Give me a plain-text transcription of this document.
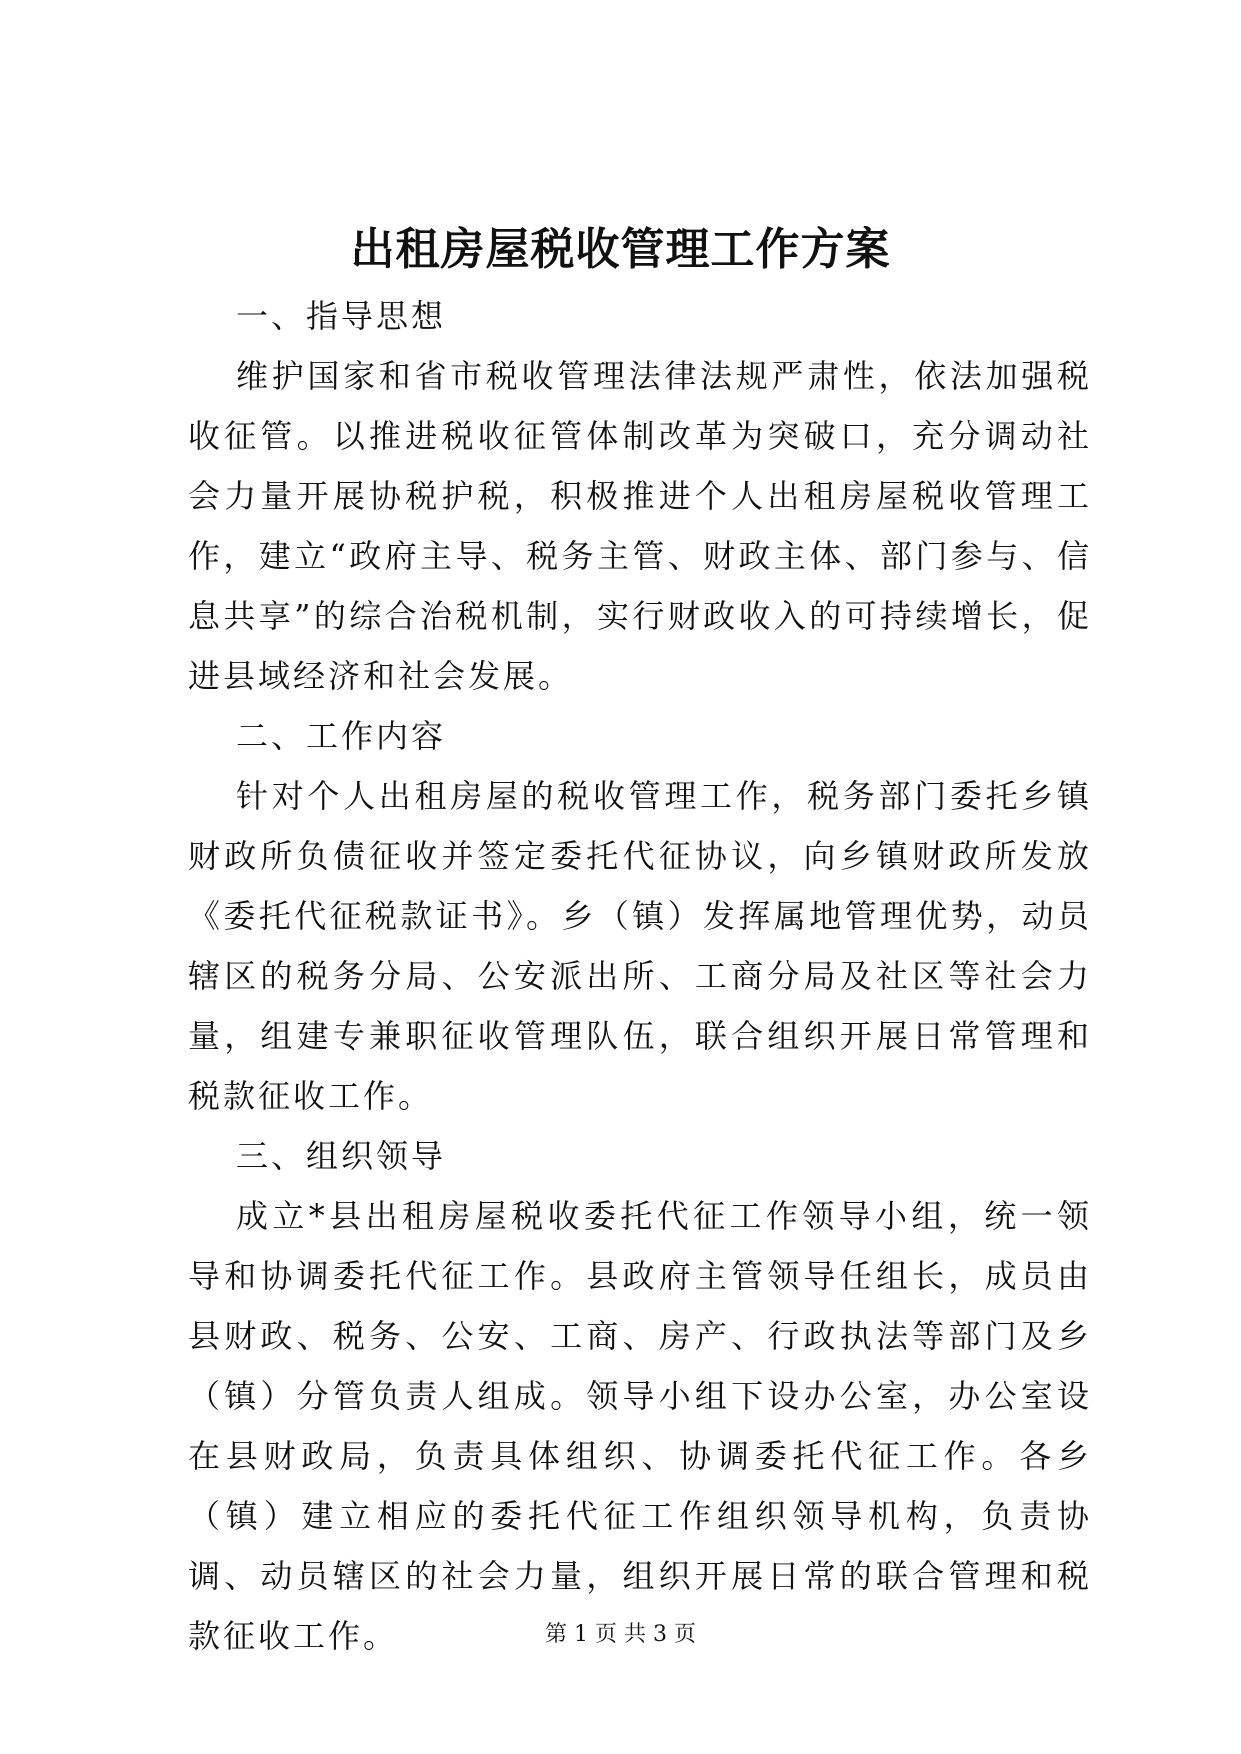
出租房屋税收管理工作方案

一、指导思想

维护国家和省市税收管理法律法规严肃性，依法加强税收征管。以推进税收征管体制改革为突破口，充分调动社会力量开展协税护税，积极推进个人出租房屋税收管理工作，建立“政府主导、税务主管、财政主体、部门参与、信息共享”的综合治税机制，实行财政收入的可持续增长，促进县域经济和社会发展。

二、工作内容

针对个人出租房屋的税收管理工作，税务部门委托乡镇财政所负债征收并签定委托代征协议，向乡镇财政所发放《委托代征税款证书》。乡（镇）发挥属地管理优势，动员辖区的税务分局、公安派出所、工商分局及社区等社会力量，组建专兼职征收管理队伍，联合组织开展日常管理和税款征收工作。

三、组织领导

成立*县出租房屋税收委托代征工作领导小组，统一领导和协调委托代征工作。县政府主管领导任组长，成员由县财政、税务、公安、工商、房产、行政执法等部门及乡（镇）分管负责人组成。领导小组下设办公室，办公室设在县财政局，负责具体组织、协调委托代征工作。各乡（镇）建立相应的委托代征工作组织领导机构，负责协调、动员辖区的社会力量，组织开展日常的联合管理和税款征收工作。	第 1 页 共 3 页
